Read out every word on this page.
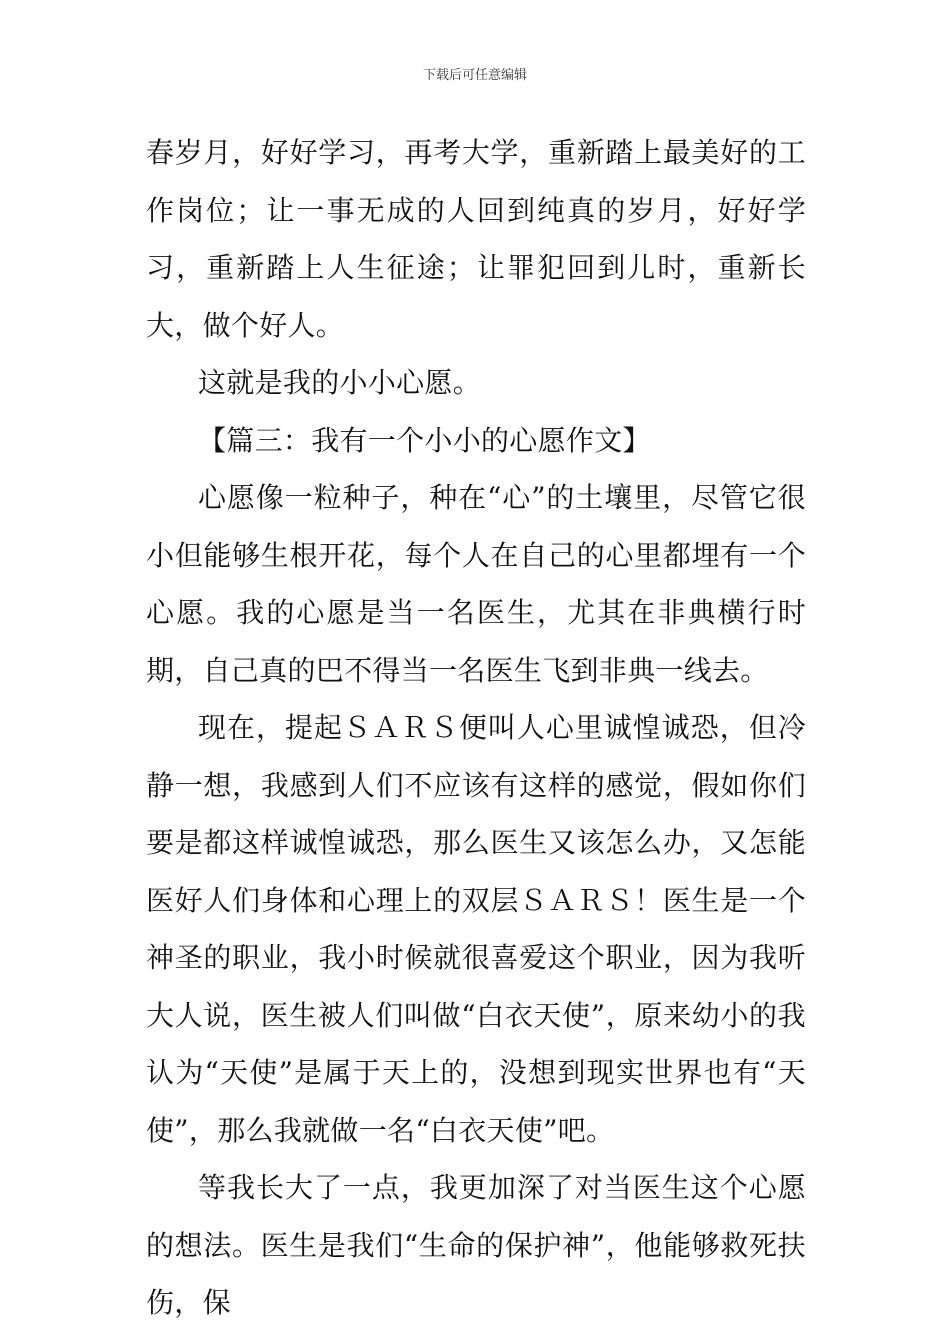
下载后可任意编辑

春岁月，好好学习，再考大学，重新踏上最美好的工作岗位；让一事无成的人回到纯真的岁月，好好学习，重新踏上人生征途；让罪犯回到儿时，重新长大，做个好人。

这就是我的小小心愿。

【篇三：我有一个小小的心愿作文】

心愿像一粒种子，种在“心”的土壤里，尽管它很小但能够生根开花，每个人在自己的心里都埋有一个心愿。我的心愿是当一名医生，尤其在非典横行时期，自己真的巴不得当一名医生飞到非典一线去。

现在，提起ＳＡＲＳ便叫人心里诚惶诚恐，但冷静一想，我感到人们不应该有这样的感觉，假如你们要是都这样诚惶诚恐，那么医生又该怎么办，又怎能医好人们身体和心理上的双层ＳＡＲＳ！医生是一个神圣的职业，我小时候就很喜爱这个职业，因为我听大人说，医生被人们叫做“白衣天使”，原来幼小的我认为“天使”是属于天上的，没想到现实世界也有“天使”，那么我就做一名“白衣天使”吧。

等我长大了一点，我更加深了对当医生这个心愿的想法。医生是我们“生命的保护神”，他能够救死扶伤，保
